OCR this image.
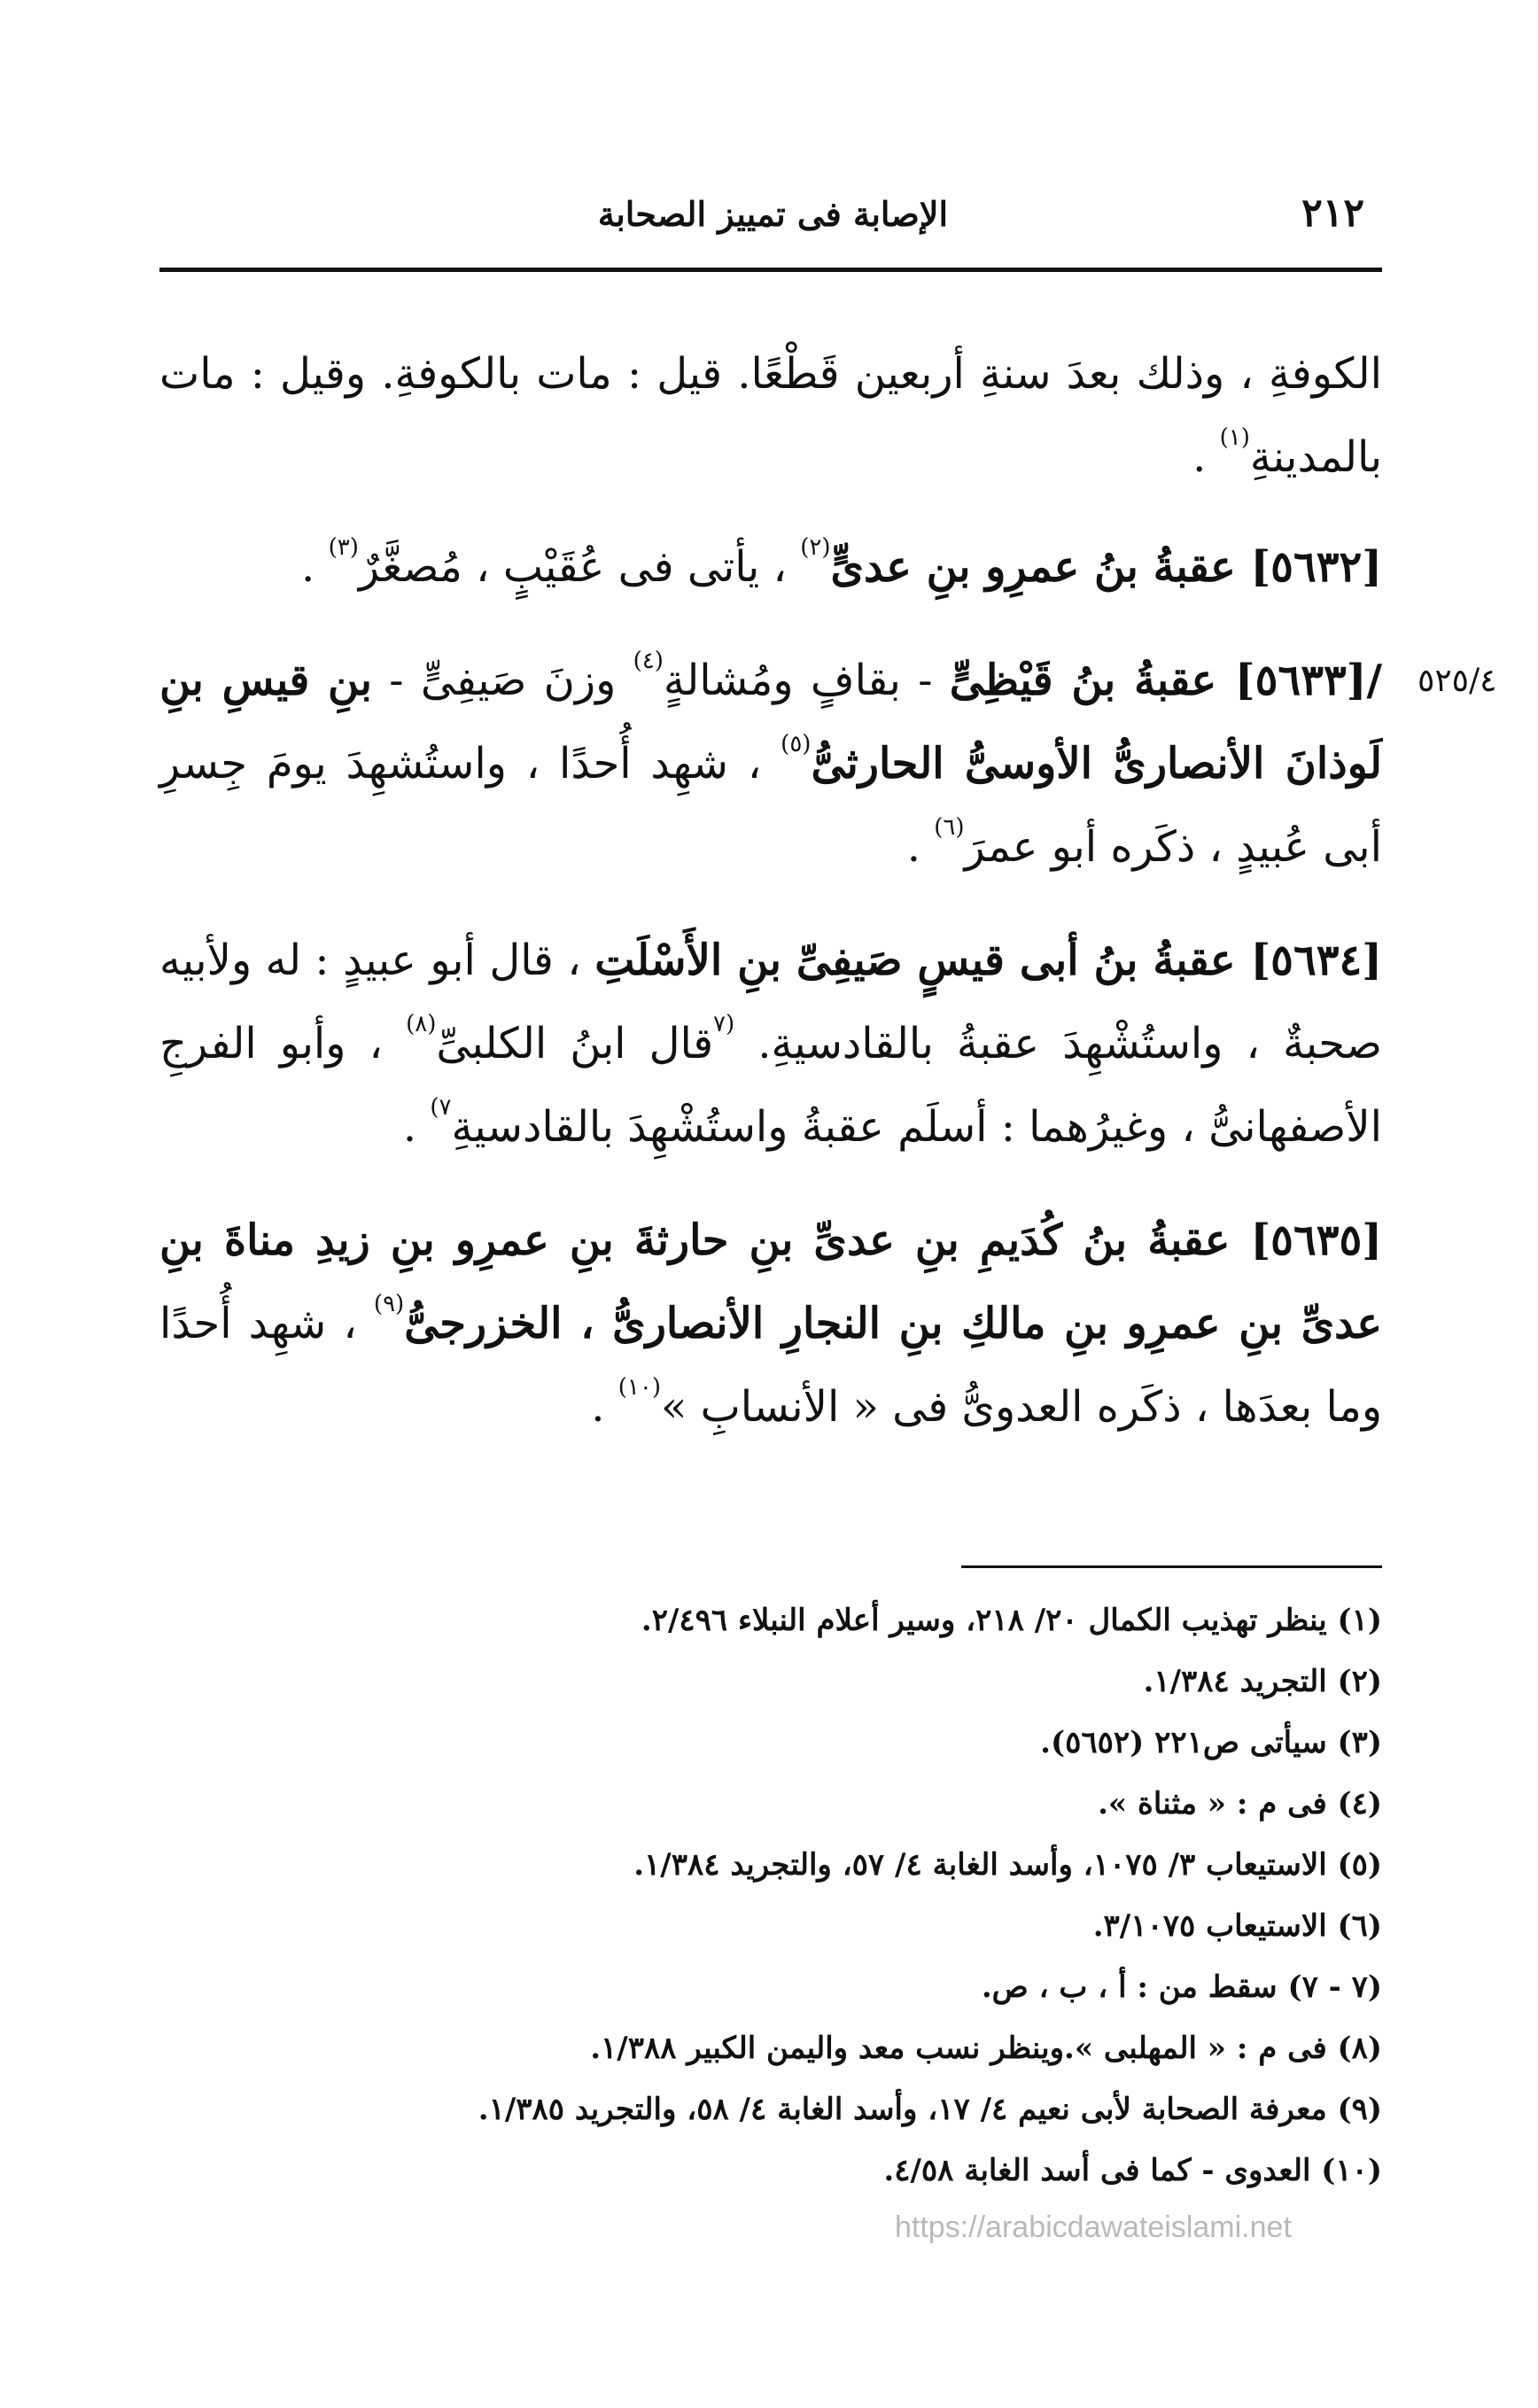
٢١٢
الإصابة فى تمييز الصحابة
٥٢٥/٤

الكوفةِ ، وذلك بعدَ سنةِ أربعين قَطْعًا. قيل : مات بالكوفةِ. وقيل : مات بالمدينةِ$^{(١)}$ .

[٥٦٣٢] عقبةُ بنُ عمرِو بنِ عدىٍّ$^{(٢)}$ ، يأتى فى عُقَيْبٍ ، مُصغَّرٌ$^{(٣)}$ .

/[٥٦٣٣] عقبةُ بنُ قَيْظِىٍّ - بقافٍ ومُشالةٍ$^{(٤)}$ وزنَ صَيفِىٍّ - بنِ قيسِ بنِ لَوذانَ الأنصارىُّ الأوسىُّ الحارثىُّ$^{(٥)}$ ، شهِد أُحدًا ، واستُشهِدَ يومَ جِسرِ أبى عُبيدٍ ، ذكَره أبو عمرَ$^{(٦)}$ .

[٥٦٣٤] عقبةُ بنُ أبى قيسٍ صَيفِىِّ بنِ الأَسْلَتِ ، قال أبو عبيدٍ : له ولأبيه صحبةٌ ، واستُشْهِدَ عقبةُ بالقادسيةِ. $^{(٧}$قال ابنُ الكلبىِّ$^{(٨)}$ ، وأبو الفرجِ الأصفهانىُّ ، وغيرُهما : أسلَم عقبةُ واستُشْهِدَ بالقادسيةِ$^{٧)}$ .

[٥٦٣٥] عقبةُ بنُ كُدَيمِ بنِ عدىِّ بنِ حارثةَ بنِ عمرِو بنِ زيدِ مناةَ بنِ عدىِّ بنِ عمرِو بنِ مالكِ بنِ النجارِ الأنصارىُّ ، الخزرجىُّ$^{(٩)}$ ، شهِد أُحدًا وما بعدَها ، ذكَره العدوىُّ فى « الأنسابِ »$^{(١٠)}$ .

(١) ينظر تهذيب الكمال ٢٠/ ٢١٨، وسير أعلام النبلاء ٢/٤٩٦.
(٢) التجريد ١/٣٨٤.
(٣) سيأتى ص٢٢١ (٥٦٥٢).
(٤) فى م : « مثناة ».
(٥) الاستيعاب ٣/ ١٠٧٥، وأسد الغابة ٤/ ٥٧، والتجريد ١/٣٨٤.
(٦) الاستيعاب ٣/١٠٧٥.
(٧ - ٧) سقط من : أ ، ب ، ص.
(٨) فى م : « المهلبى ».وينظر نسب معد واليمن الكبير ١/٣٨٨.
(٩) معرفة الصحابة لأبى نعيم ٤/ ١٧، وأسد الغابة ٤/ ٥٨، والتجريد ١/٣٨٥.
(١٠) العدوى - كما فى أسد الغابة ٤/٥٨.
https://arabicdawateislami.net
